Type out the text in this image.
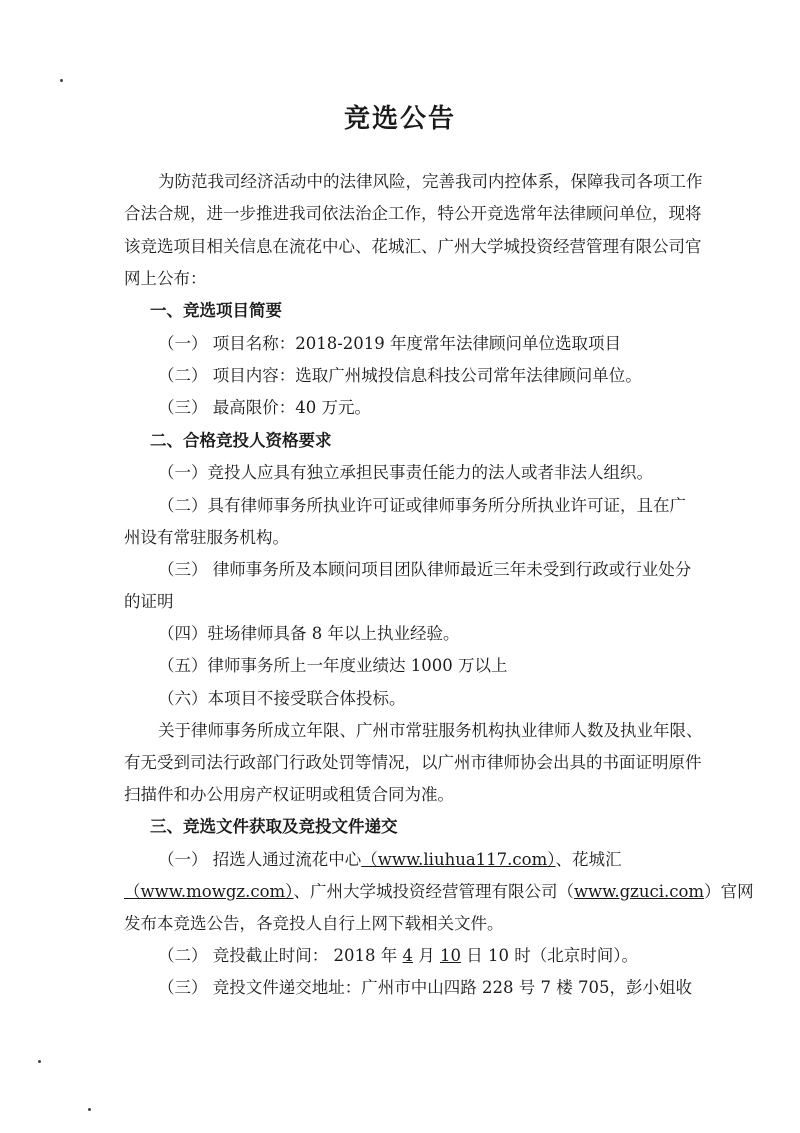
竞选公告
为防范我司经济活动中的法律风险，完善我司内控体系，保障我司各项工作
合法合规，进一步推进我司依法治企工作，特公开竞选常年法律顾问单位，现将
该竞选项目相关信息在流花中心、花城汇、广州大学城投资经营管理有限公司官
网上公布：
一、竞选项目简要
（一） 项目名称：2018-2019 年度常年法律顾问单位选取项目
（二） 项目内容：选取广州城投信息科技公司常年法律顾问单位。
（三） 最高限价：40 万元。
二、合格竞投人资格要求
（一）竞投人应具有独立承担民事责任能力的法人或者非法人组织。
（二）具有律师事务所执业许可证或律师事务所分所执业许可证，且在广
州设有常驻服务机构。
（三） 律师事务所及本顾问项目团队律师最近三年未受到行政或行业处分
的证明
（四）驻场律师具备 8 年以上执业经验。
（五）律师事务所上一年度业绩达 1000 万以上
（六）本项目不接受联合体投标。
关于律师事务所成立年限、广州市常驻服务机构执业律师人数及执业年限、
有无受到司法行政部门行政处罚等情况，以广州市律师协会出具的书面证明原件
扫描件和办公用房产权证明或租赁合同为准。
三、竞选文件获取及竞投文件递交
（一） 招选人通过流花中心（www.liuhua117.com）、花城汇
（www.mowgz.com）、广州大学城投资经营管理有限公司（www.gzuci.com）官网
发布本竞选公告，各竞投人自行上网下载相关文件。
（二） 竞投截止时间： 2018 年 4 月 10 日 10 时（北京时间）。
（三） 竞投文件递交地址：广州市中山四路 228 号 7 楼 705，彭小姐收
